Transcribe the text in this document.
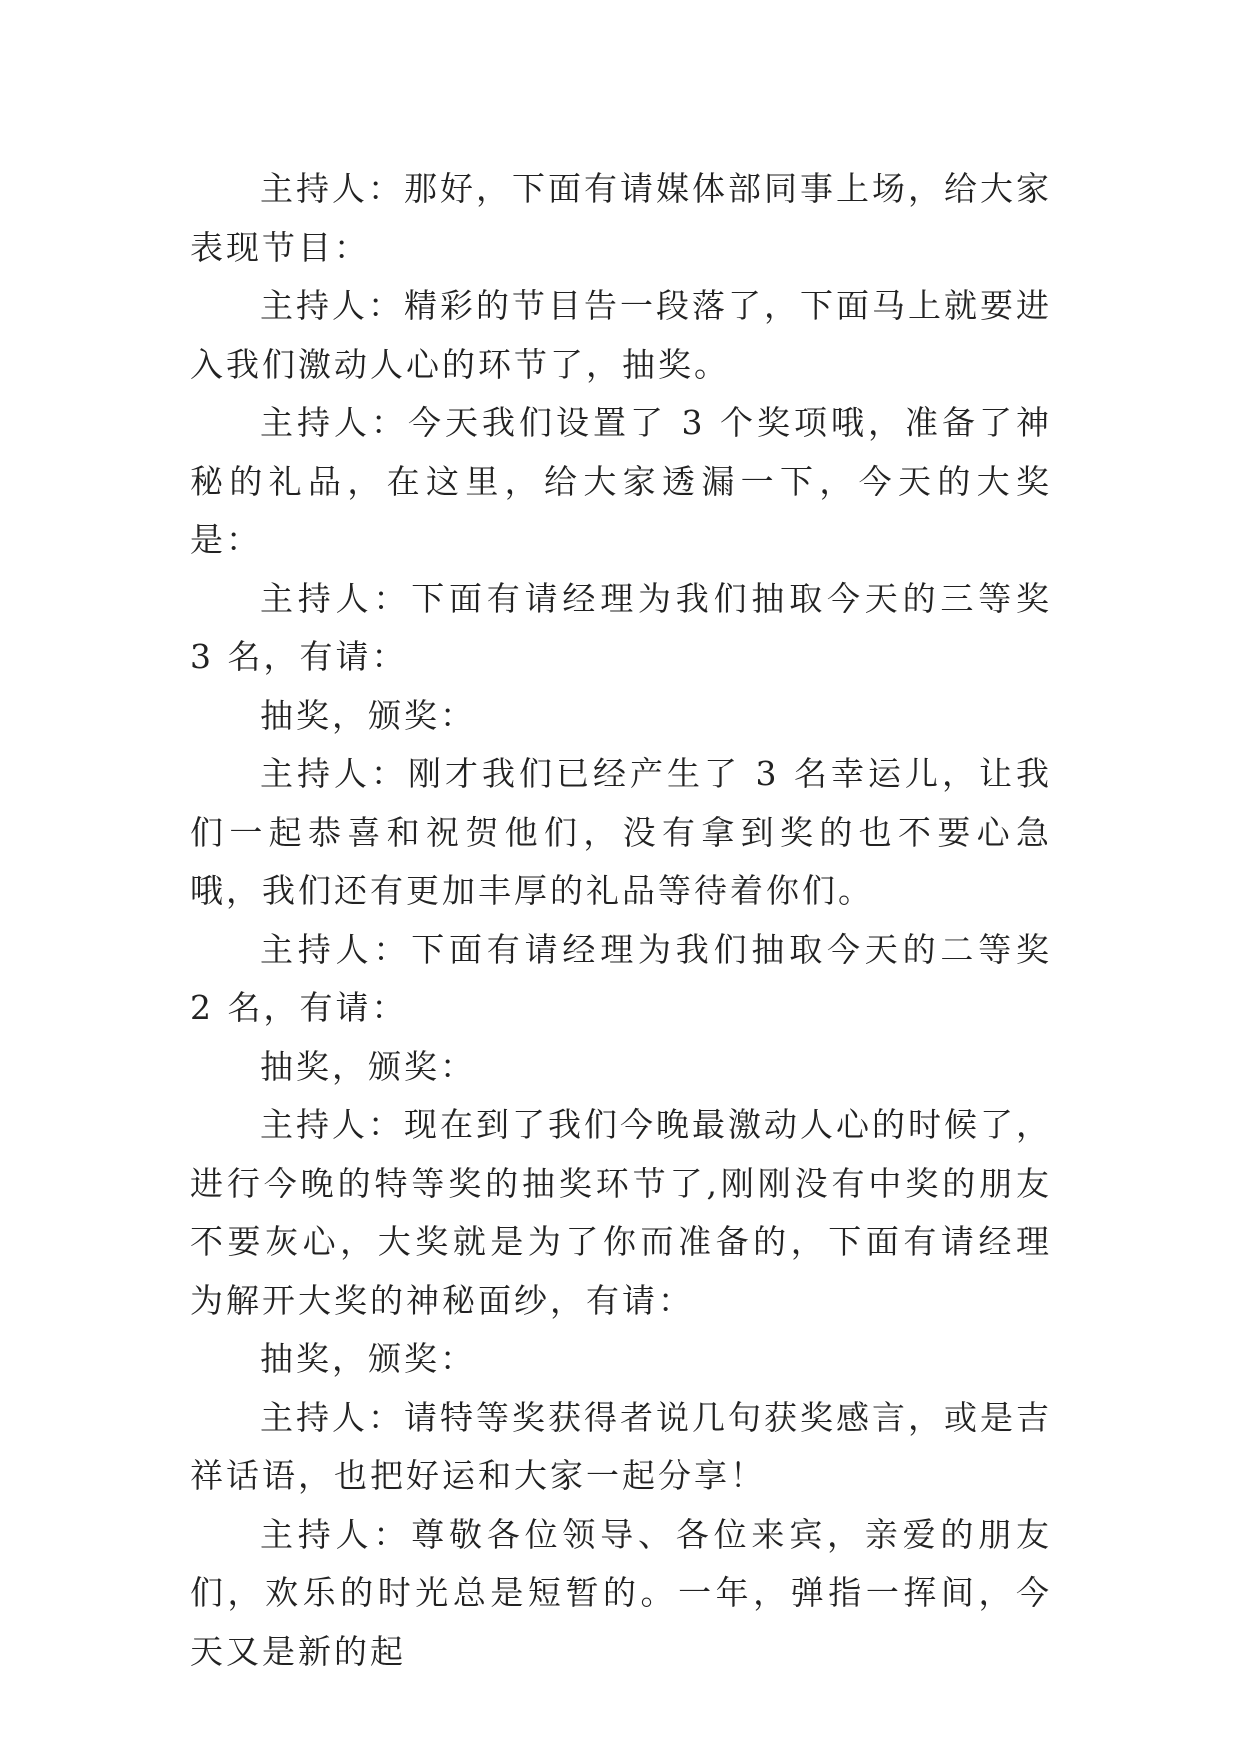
主持人：那好，下面有请媒体部同事上场，给大家表现节目：

主持人：精彩的节目告一段落了，下面马上就要进入我们激动人心的环节了，抽奖。

主持人：今天我们设置了 3 个奖项哦，准备了神秘的礼品，在这里，给大家透漏一下，今天的大奖是：

主持人：下面有请经理为我们抽取今天的三等奖 3 名，有请：

抽奖，颁奖：

主持人：刚才我们已经产生了 3 名幸运儿，让我们一起恭喜和祝贺他们，没有拿到奖的也不要心急哦，我们还有更加丰厚的礼品等待着你们。

主持人：下面有请经理为我们抽取今天的二等奖 2 名，有请：

抽奖，颁奖：

主持人：现在到了我们今晚最激动人心的时候了，进行今晚的特等奖的抽奖环节了,刚刚没有中奖的朋友不要灰心，大奖就是为了你而准备的，下面有请经理为解开大奖的神秘面纱，有请：

抽奖，颁奖：

主持人：请特等奖获得者说几句获奖感言，或是吉祥话语，也把好运和大家一起分享！

主持人：尊敬各位领导、各位来宾，亲爱的朋友们，欢乐的时光总是短暂的。一年，弹指一挥间，今天又是新的起
